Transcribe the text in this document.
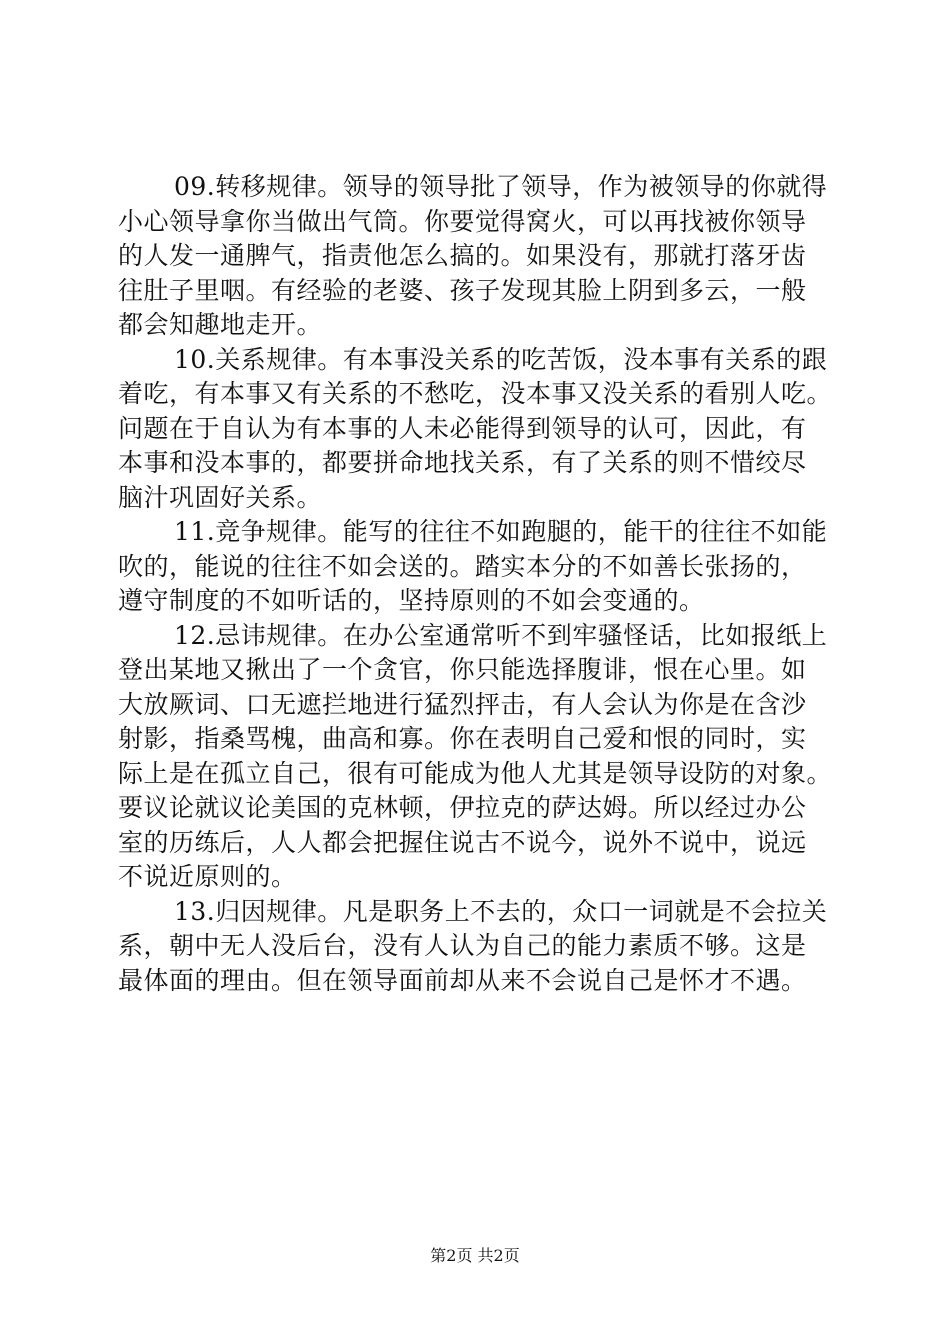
09.转移规律。领导的领导批了领导，作为被领导的你就得
小心领导拿你当做出气筒。你要觉得窝火，可以再找被你领导
的人发一通脾气，指责他怎么搞的。如果没有，那就打落牙齿
往肚子里咽。有经验的老婆、孩子发现其脸上阴到多云，一般
都会知趣地走开。
10.关系规律。有本事没关系的吃苦饭，没本事有关系的跟
着吃，有本事又有关系的不愁吃，没本事又没关系的看别人吃。
问题在于自认为有本事的人未必能得到领导的认可，因此，有
本事和没本事的，都要拼命地找关系，有了关系的则不惜绞尽
脑汁巩固好关系。
11.竞争规律。能写的往往不如跑腿的，能干的往往不如能
吹的，能说的往往不如会送的。踏实本分的不如善长张扬的，
遵守制度的不如听话的，坚持原则的不如会变通的。
12.忌讳规律。在办公室通常听不到牢骚怪话，比如报纸上
登出某地又揪出了一个贪官，你只能选择腹诽，恨在心里。如
大放厥词、口无遮拦地进行猛烈抨击，有人会认为你是在含沙
射影，指桑骂槐，曲高和寡。你在表明自己爱和恨的同时，实
际上是在孤立自己，很有可能成为他人尤其是领导设防的对象。
要议论就议论美国的克林顿，伊拉克的萨达姆。所以经过办公
室的历练后，人人都会把握住说古不说今，说外不说中，说远
不说近原则的。
13.归因规律。凡是职务上不去的，众口一词就是不会拉关
系，朝中无人没后台，没有人认为自己的能力素质不够。这是
最体面的理由。但在领导面前却从来不会说自己是怀才不遇。
第2页 共2页
